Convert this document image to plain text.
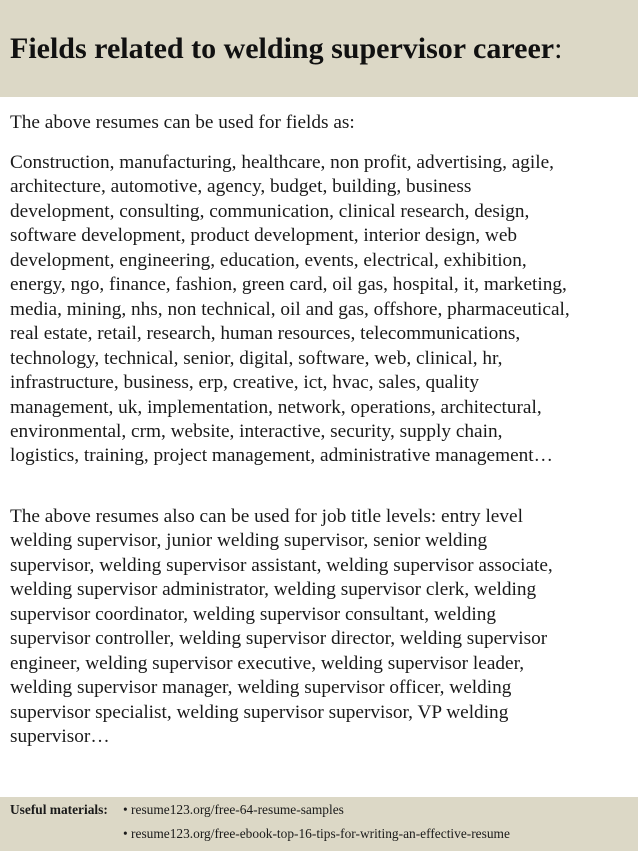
Fields related to welding supervisor career:

The above resumes can be used for fields as:

Construction, manufacturing, healthcare, non profit, advertising, agile,
architecture, automotive, agency, budget, building, business
development, consulting, communication, clinical research, design,
software development, product development, interior design, web
development, engineering, education, events, electrical, exhibition,
energy, ngo, finance, fashion, green card, oil gas, hospital, it, marketing,
media, mining, nhs, non technical, oil and gas, offshore, pharmaceutical,
real estate, retail, research, human resources, telecommunications,
technology, technical, senior, digital, software, web, clinical, hr,
infrastructure, business, erp, creative, ict, hvac, sales, quality
management, uk, implementation, network, operations, architectural,
environmental, crm, website, interactive, security, supply chain,
logistics, training, project management, administrative management…

The above resumes also can be used for job title levels: entry level
welding supervisor, junior welding supervisor, senior welding
supervisor, welding supervisor assistant, welding supervisor associate,
welding supervisor administrator, welding supervisor clerk, welding
supervisor coordinator, welding supervisor consultant, welding
supervisor controller, welding supervisor director, welding supervisor
engineer, welding supervisor executive, welding supervisor leader,
welding supervisor manager, welding supervisor officer, welding
supervisor specialist, welding supervisor supervisor, VP welding
supervisor…

Useful materials: • resume123.org/free-64-resume-samples
• resume123.org/free-ebook-top-16-tips-for-writing-an-effective-resume
